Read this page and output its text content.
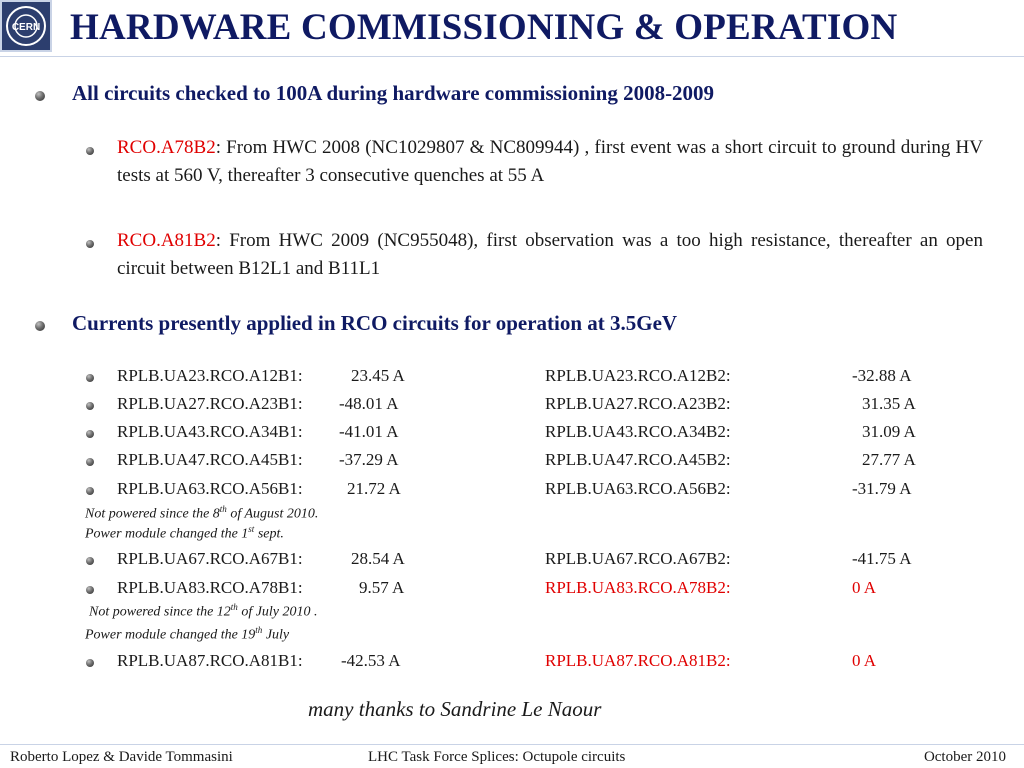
CERN HARDWARE COMMISSIONING & OPERATION
All circuits checked to 100A during hardware commissioning 2008-2009
RCO.A78B2: From HWC 2008 (NC1029807 & NC809944) , first event was a short circuit to ground during HV tests at 560 V, thereafter 3 consecutive quenches at 55 A
RCO.A81B2: From HWC 2009 (NC955048), first observation was a too high resistance, thereafter an open circuit between B12L1 and B11L1
Currents presently applied in RCO circuits for operation at 3.5GeV
RPLB.UA23.RCO.A12B1:	23.45 A	RPLB.UA23.RCO.A12B2:	-32.88 A
RPLB.UA27.RCO.A23B1: -48.01 A	RPLB.UA27.RCO.A23B2:	31.35 A
RPLB.UA43.RCO.A34B1: -41.01 A	RPLB.UA43.RCO.A34B2:	31.09 A
RPLB.UA47.RCO.A45B1: -37.29 A	RPLB.UA47.RCO.A45B2:	27.77 A
RPLB.UA63.RCO.A56B1:	21.72 A	RPLB.UA63.RCO.A56B2:	-31.79 A
Not powered since the 8th of August 2010.
Power module changed the 1st sept.
RPLB.UA67.RCO.A67B1:	28.54 A	RPLB.UA67.RCO.A67B2:	-41.75 A
RPLB.UA83.RCO.A78B1:	9.57 A	RPLB.UA83.RCO.A78B2:	0 A
Not powered since the 12th of July 2010 .
Power module changed the 19th July
RPLB.UA87.RCO.A81B1: -42.53 A	RPLB.UA87.RCO.A81B2:	0 A
many thanks to Sandrine Le Naour
Roberto Lopez & Davide Tommasini	LHC Task Force Splices: Octupole circuits	October 2010
